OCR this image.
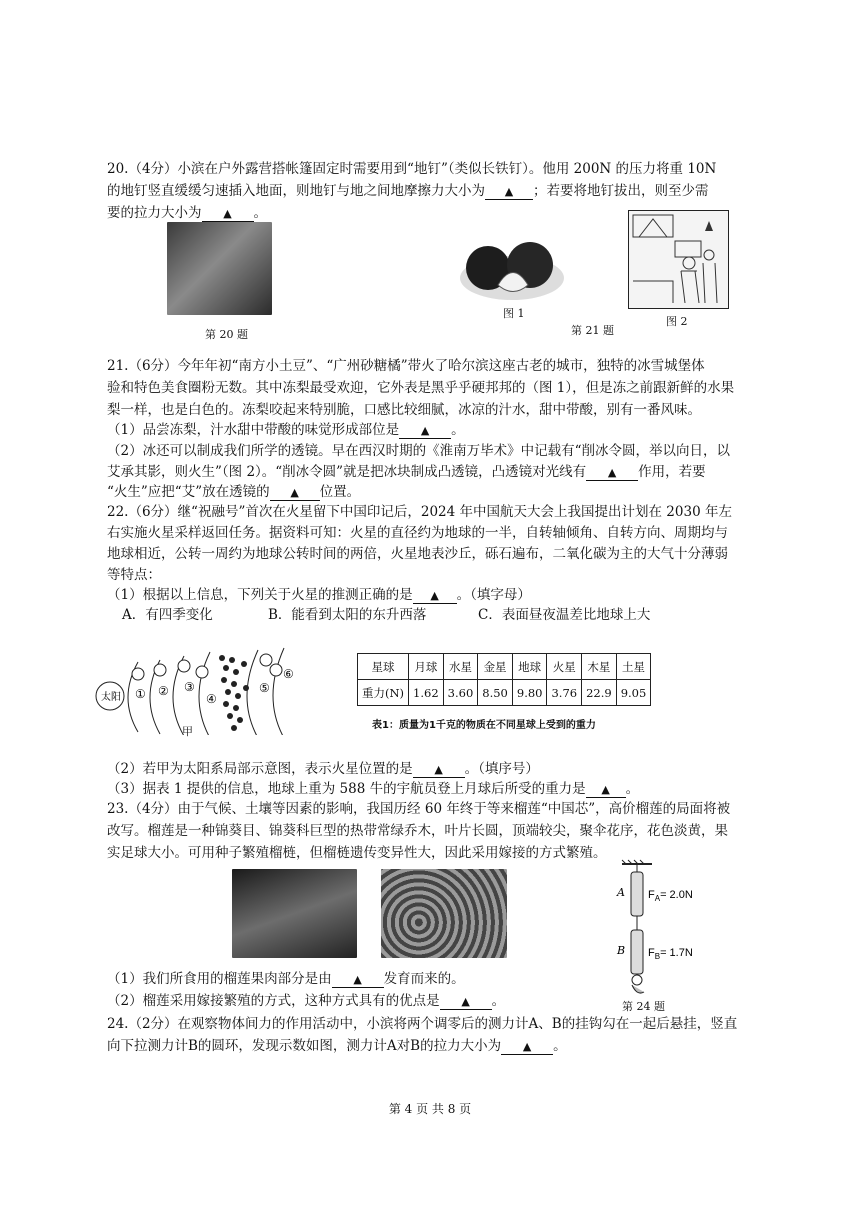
20.（4分）小滨在户外露营搭帐篷固定时需要用到“地钉”（类似长铁钉）。他用 200N 的压力将重 10N
的地钉竖直缓缓匀速插入地面，则地钉与地之间地摩擦力大小为 ▲ ；若要将地钉拔出，则至少需
要的拉力大小为 ▲ 。
第 20 题
图 1
图 2
第 21 题
21.（6分）今年年初“南方小土豆”、“广州砂糖橘”带火了哈尔滨这座古老的城市，独特的冰雪城堡体
验和特色美食圈粉无数。其中冻梨最受欢迎，它外表是黑乎乎硬邦邦的（图 1），但是冻之前跟新鲜的水果
梨一样，也是白色的。冻梨咬起来特别脆，口感比较细腻，冰凉的汁水，甜中带酸，别有一番风味。
（1）品尝冻梨，汁水甜中带酸的味觉形成部位是 ▲ 。
（2）冰还可以制成我们所学的透镜。早在西汉时期的《淮南万毕术》中记载有“削冰令圆，举以向日，以
艾承其影，则火生”（图 2）。“削冰令圆”就是把冰块制成凸透镜，凸透镜对光线有 ▲ 作用，若要
“火生”应把“艾”放在透镜的 ▲ 位置。
22.（6分）继“祝融号”首次在火星留下中国印记后，2024 年中国航天大会上我国提出计划在 2030 年左
右实施火星采样返回任务。据资料可知：火星的直径约为地球的一半，自转轴倾角、自转方向、周期均与
地球相近，公转一周约为地球公转时间的两倍，火星地表沙丘，砾石遍布，二氧化碳为主的大气十分薄弱
等特点：
（1）根据以上信息，下列关于火星的推测正确的是 ▲ 。（填字母）
A．有四季变化	B．能看到太阳的东升西落	C．表面昼夜温差比地球上大
太阳 ① ② ③
④
⑤
⑥
甲
星球	月球	水星	金星	地球	火星	木星	土星
重力(N)	1.62	3.60	8.50	9.80	3.76	22.9	9.05
表1：质量为1千克的物质在不同星球上受到的重力
（2）若甲为太阳系局部示意图，表示火星位置的是 ▲ 。（填序号）
（3）据表 1 提供的信息，地球上重为 588 牛的宇航员登上月球后所受的重力是 ▲ 。
23.（4分）由于气候、土壤等因素的影响，我国历经 60 年终于等来榴莲“中国芯”，高价榴莲的局面将被
改写。榴莲是一种锦葵目、锦葵科巨型的热带常绿乔木，叶片长圆，顶端较尖，聚伞花序，花色淡黄，果
实足球大小。可用种子繁殖榴梿，但榴梿遗传变异性大，因此采用嫁接的方式繁殖。
A
B
$F_A= 2.0N$
$F_B= 1.7N$
（1）我们所食用的榴莲果肉部分是由 ▲ 发育而来的。
（2）榴莲采用嫁接繁殖的方式，这种方式具有的优点是 ▲ 。	第 24 题
24.（2分）在观察物体间力的作用活动中，小滨将两个调零后的测力计A、B的挂钩勾在一起后悬挂，竖直
向下拉测力计B的圆环，发现示数如图，测力计A对B的拉力大小为 ▲ 。
第 4 页 共 8 页
